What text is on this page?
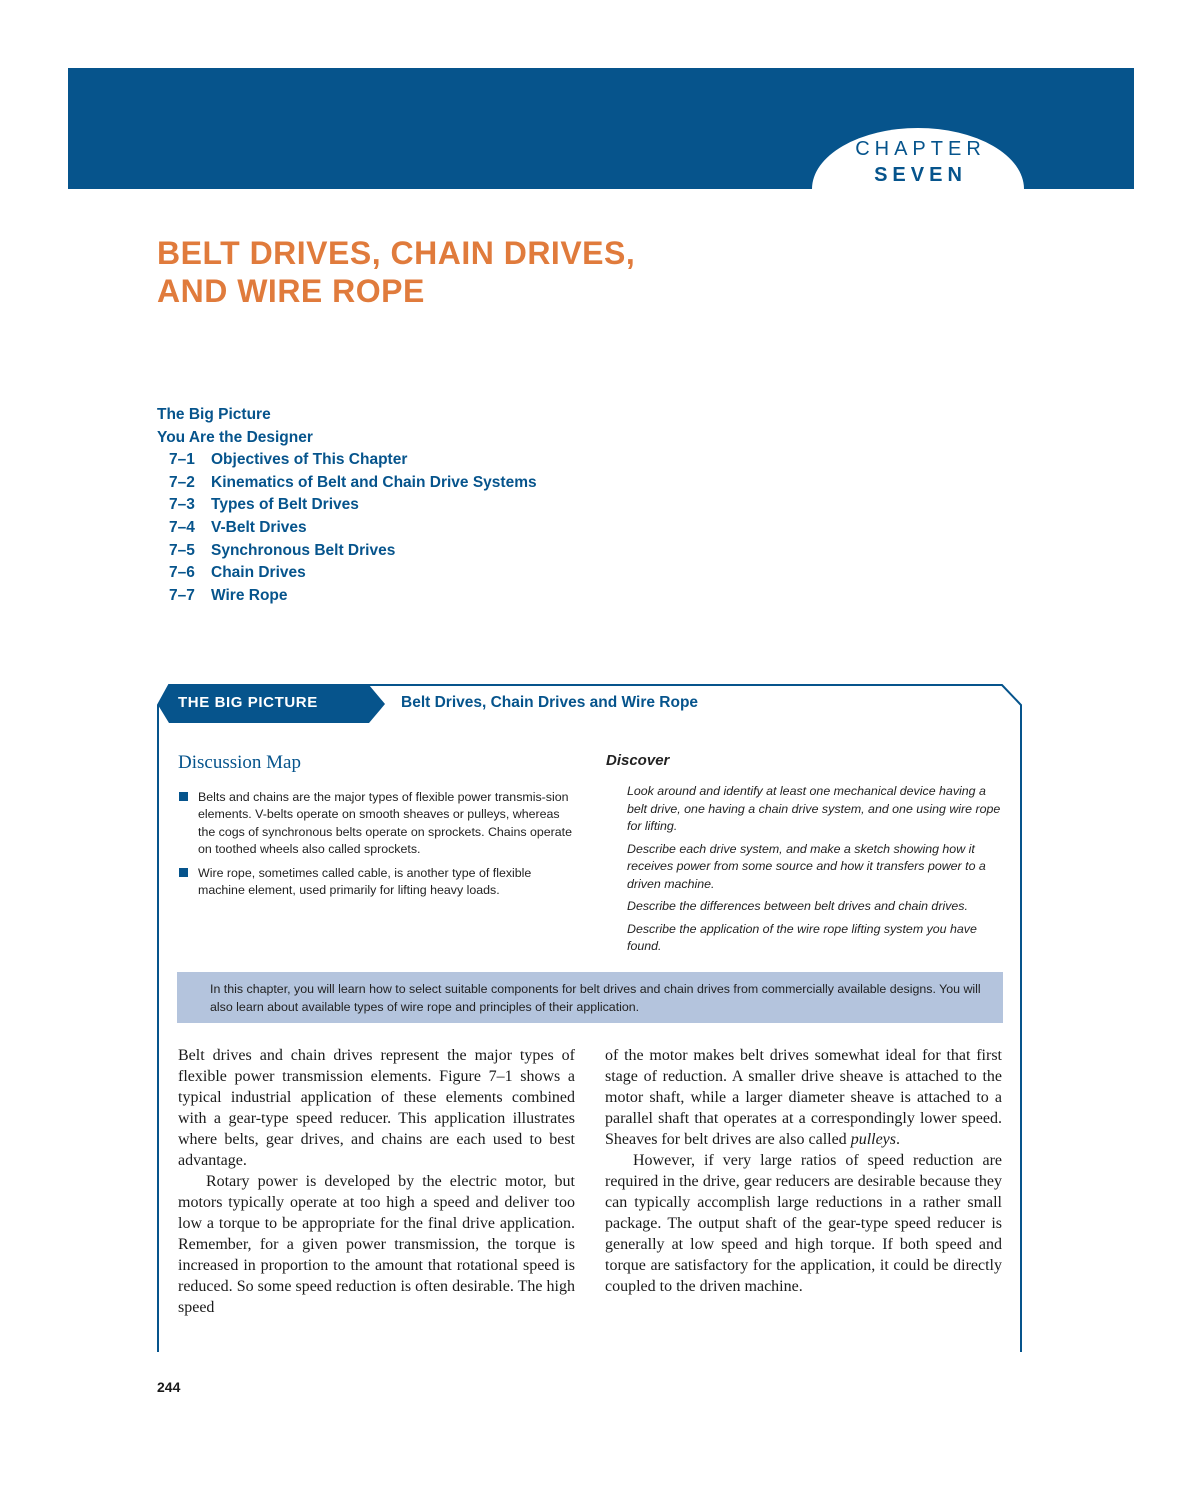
CHAPTER
SEVEN
BELT DRIVES, CHAIN DRIVES,
AND WIRE ROPE
The Big Picture
You Are the Designer
7–1 Objectives of This Chapter
7–2 Kinematics of Belt and Chain Drive Systems
7–3 Types of Belt Drives
7–4 V-Belt Drives
7–5 Synchronous Belt Drives
7–6 Chain Drives
7–7 Wire Rope
THE BIG PICTURE	Belt Drives, Chain Drives and Wire Rope
Discussion Map
Belts and chains are the major types of flexible power transmis-sion elements. V-belts operate on smooth sheaves or pulleys, whereas the cogs of synchronous belts operate on sprockets. Chains operate on toothed wheels also called sprockets.
Wire rope, sometimes called cable, is another type of flexible machine element, used primarily for lifting heavy loads.
Discover
Look around and identify at least one mechanical device having a belt drive, one having a chain drive system, and one using wire rope for lifting.
Describe each drive system, and make a sketch showing how it receives power from some source and how it transfers power to a driven machine.
Describe the differences between belt drives and chain drives.
Describe the application of the wire rope lifting system you have found.
In this chapter, you will learn how to select suitable components for belt drives and chain drives from commercially available designs. You will also learn about available types of wire rope and principles of their application.

Belt drives and chain drives represent the major types of flexible power transmission elements. Figure 7–1 shows a typical industrial application of these elements combined with a gear-type speed reducer. This application illustrates where belts, gear drives, and chains are each used to best advantage.

Rotary power is developed by the electric motor, but motors typically operate at too high a speed and deliver too low a torque to be appropriate for the final drive application. Remember, for a given power transmission, the torque is increased in proportion to the amount that rotational speed is reduced. So some speed reduction is often desirable. The high speed

of the motor makes belt drives somewhat ideal for that first stage of reduction. A smaller drive sheave is attached to the motor shaft, while a larger diameter sheave is attached to a parallel shaft that operates at a correspondingly lower speed. Sheaves for belt drives are also called pulleys.

However, if very large ratios of speed reduction are required in the drive, gear reducers are desirable because they can typically accomplish large reductions in a rather small package. The output shaft of the gear-type speed reducer is generally at low speed and high torque. If both speed and torque are satisfactory for the application, it could be directly coupled to the driven machine.

244
